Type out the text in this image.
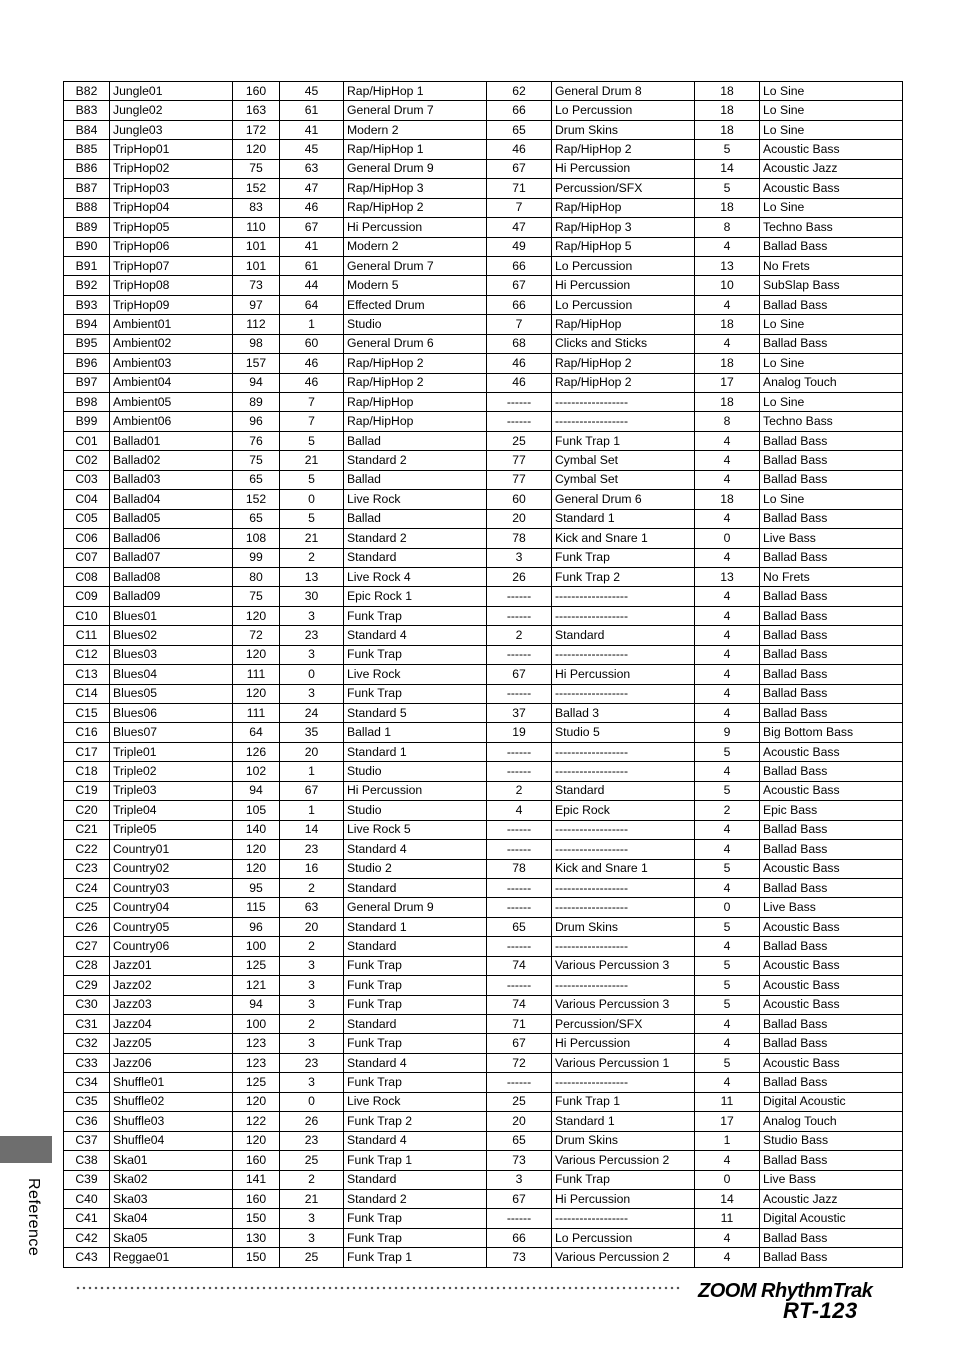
B82	Jungle01	160	45	Rap/HipHop 1	62	General Drum 8	18	Lo Sine
B83	Jungle02	163	61	General Drum 7	66	Lo Percussion	18	Lo Sine
B84	Jungle03	172	41	Modern 2	65	Drum Skins	18	Lo Sine
B85	TripHop01	120	45	Rap/HipHop 1	46	Rap/HipHop 2	5	Acoustic Bass
B86	TripHop02	75	63	General Drum 9	67	Hi Percussion	14	Acoustic Jazz
B87	TripHop03	152	47	Rap/HipHop 3	71	Percussion/SFX	5	Acoustic Bass
B88	TripHop04	83	46	Rap/HipHop 2	7	Rap/HipHop	18	Lo Sine
B89	TripHop05	110	67	Hi Percussion	47	Rap/HipHop 3	8	Techno Bass
B90	TripHop06	101	41	Modern 2	49	Rap/HipHop 5	4	Ballad Bass
B91	TripHop07	101	61	General Drum 7	66	Lo Percussion	13	No Frets
B92	TripHop08	73	44	Modern 5	67	Hi Percussion	10	SubSlap Bass
B93	TripHop09	97	64	Effected Drum	66	Lo Percussion	4	Ballad Bass
B94	Ambient01	112	1	Studio	7	Rap/HipHop	18	Lo Sine
B95	Ambient02	98	60	General Drum 6	68	Clicks and Sticks	4	Ballad Bass
B96	Ambient03	157	46	Rap/HipHop 2	46	Rap/HipHop 2	18	Lo Sine
B97	Ambient04	94	46	Rap/HipHop 2	46	Rap/HipHop 2	17	Analog Touch
B98	Ambient05	89	7	Rap/HipHop	------	------------------	18	Lo Sine
B99	Ambient06	96	7	Rap/HipHop	------	------------------	8	Techno Bass
C01	Ballad01	76	5	Ballad	25	Funk Trap 1	4	Ballad Bass
C02	Ballad02	75	21	Standard 2	77	Cymbal Set	4	Ballad Bass
C03	Ballad03	65	5	Ballad	77	Cymbal Set	4	Ballad Bass
C04	Ballad04	152	0	Live Rock	60	General Drum 6	18	Lo Sine
C05	Ballad05	65	5	Ballad	20	Standard 1	4	Ballad Bass
C06	Ballad06	108	21	Standard 2	78	Kick and Snare 1	0	Live Bass
C07	Ballad07	99	2	Standard	3	Funk Trap	4	Ballad Bass
C08	Ballad08	80	13	Live Rock 4	26	Funk Trap 2	13	No Frets
C09	Ballad09	75	30	Epic Rock 1	------	------------------	4	Ballad Bass
C10	Blues01	120	3	Funk Trap	------	------------------	4	Ballad Bass
C11	Blues02	72	23	Standard 4	2	Standard	4	Ballad Bass
C12	Blues03	120	3	Funk Trap	------	------------------	4	Ballad Bass
C13	Blues04	111	0	Live Rock	67	Hi Percussion	4	Ballad Bass
C14	Blues05	120	3	Funk Trap	------	------------------	4	Ballad Bass
C15	Blues06	111	24	Standard 5	37	Ballad 3	4	Ballad Bass
C16	Blues07	64	35	Ballad 1	19	Studio 5	9	Big Bottom Bass
C17	Triple01	126	20	Standard 1	------	------------------	5	Acoustic Bass
C18	Triple02	102	1	Studio	------	------------------	4	Ballad Bass
C19	Triple03	94	67	Hi Percussion	2	Standard	5	Acoustic Bass
C20	Triple04	105	1	Studio	4	Epic Rock	2	Epic Bass
C21	Triple05	140	14	Live Rock 5	------	------------------	4	Ballad Bass
C22	Country01	120	23	Standard 4	------	------------------	4	Ballad Bass
C23	Country02	120	16	Studio 2	78	Kick and Snare 1	5	Acoustic Bass
C24	Country03	95	2	Standard	------	------------------	4	Ballad Bass
C25	Country04	115	63	General Drum 9	------	------------------	0	Live Bass
C26	Country05	96	20	Standard 1	65	Drum Skins	5	Acoustic Bass
C27	Country06	100	2	Standard	------	------------------	4	Ballad Bass
C28	Jazz01	125	3	Funk Trap	74	Various Percussion 3	5	Acoustic Bass
C29	Jazz02	121	3	Funk Trap	------	------------------	5	Acoustic Bass
C30	Jazz03	94	3	Funk Trap	74	Various Percussion 3	5	Acoustic Bass
C31	Jazz04	100	2	Standard	71	Percussion/SFX	4	Ballad Bass
C32	Jazz05	123	3	Funk Trap	67	Hi Percussion	4	Ballad Bass
C33	Jazz06	123	23	Standard 4	72	Various Percussion 1	5	Acoustic Bass
C34	Shuffle01	125	3	Funk Trap	------	------------------	4	Ballad Bass
C35	Shuffle02	120	0	Live Rock	25	Funk Trap 1	11	Digital Acoustic
C36	Shuffle03	122	26	Funk Trap 2	20	Standard 1	17	Analog Touch
C37	Shuffle04	120	23	Standard 4	65	Drum Skins	1	Studio Bass
C38	Ska01	160	25	Funk Trap 1	73	Various Percussion 2	4	Ballad Bass
C39	Ska02	141	2	Standard	3	Funk Trap	0	Live Bass
C40	Ska03	160	21	Standard 2	67	Hi Percussion	14	Acoustic Jazz
C41	Ska04	150	3	Funk Trap	------	------------------	11	Digital Acoustic
C42	Ska05	130	3	Funk Trap	66	Lo Percussion	4	Ballad Bass
C43	Reggae01	150	25	Funk Trap 1	73	Various Percussion 2	4	Ballad Bass
Reference
ZOOM RhythmTrak
RT-123
